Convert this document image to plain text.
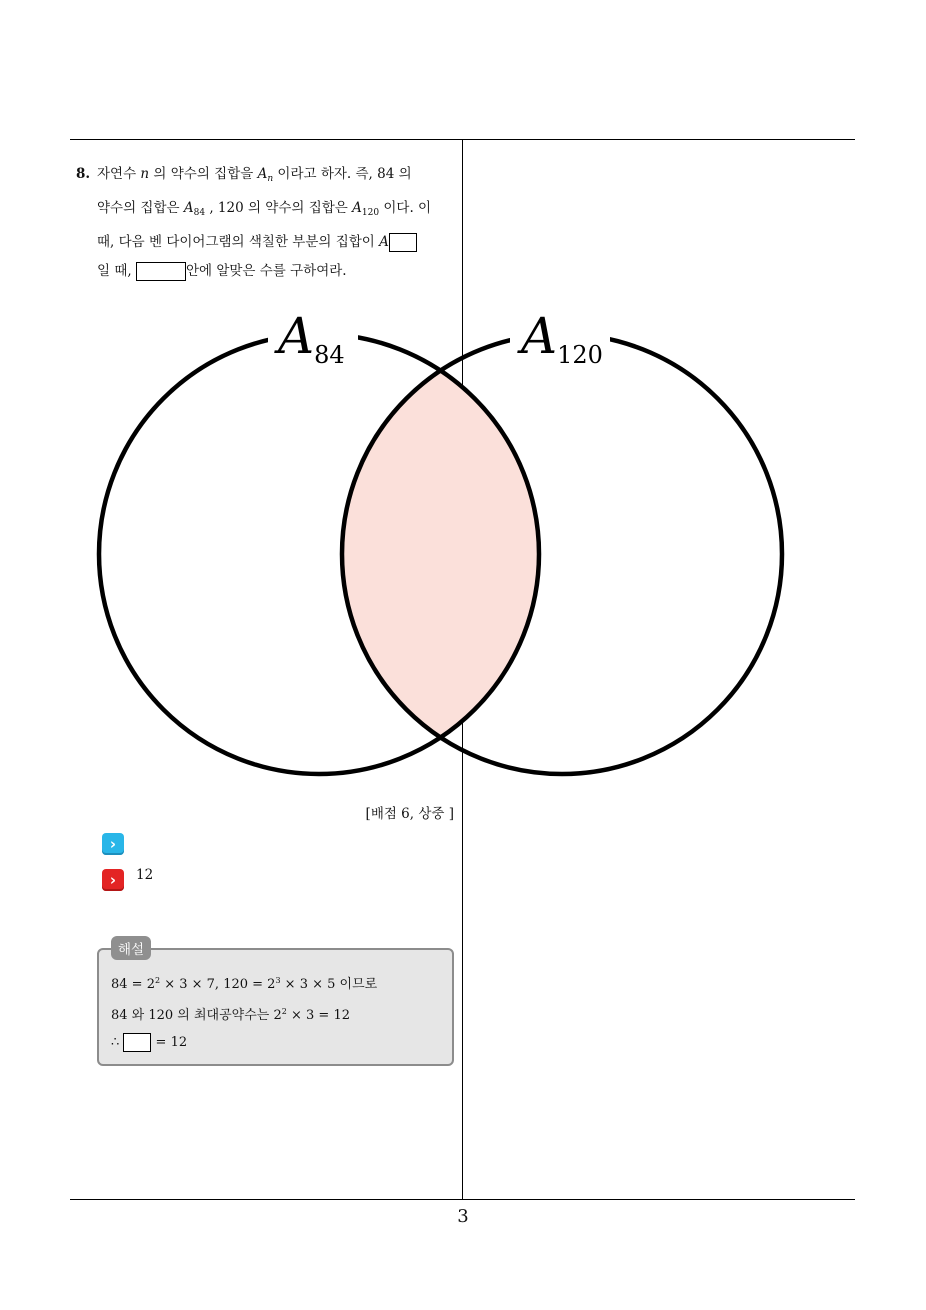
8. 자연수 n 의 약수의 집합을 $A_n$ 이라고 하자. 즉, 84 의
약수의 집합은 $A_{84}$ , 120 의 약수의 집합은 $A_{120}$ 이다. 이
때, 다음 벤 다이어그램의 색칠한 부분의 집합이 A
일 때,	안에 알맞은 수를 구하여라.
$A_{84}$	$A_{120}$
[배점 6, 상중 ]
›
›	12
해설
$84 = 2^2 \times 3 \times 7$, $120 = 2^3 \times 3 \times 5$ 이므로
84 와 120 의 최대공약수는 $2^2 \times 3 = 12$
∴  = 12
3
